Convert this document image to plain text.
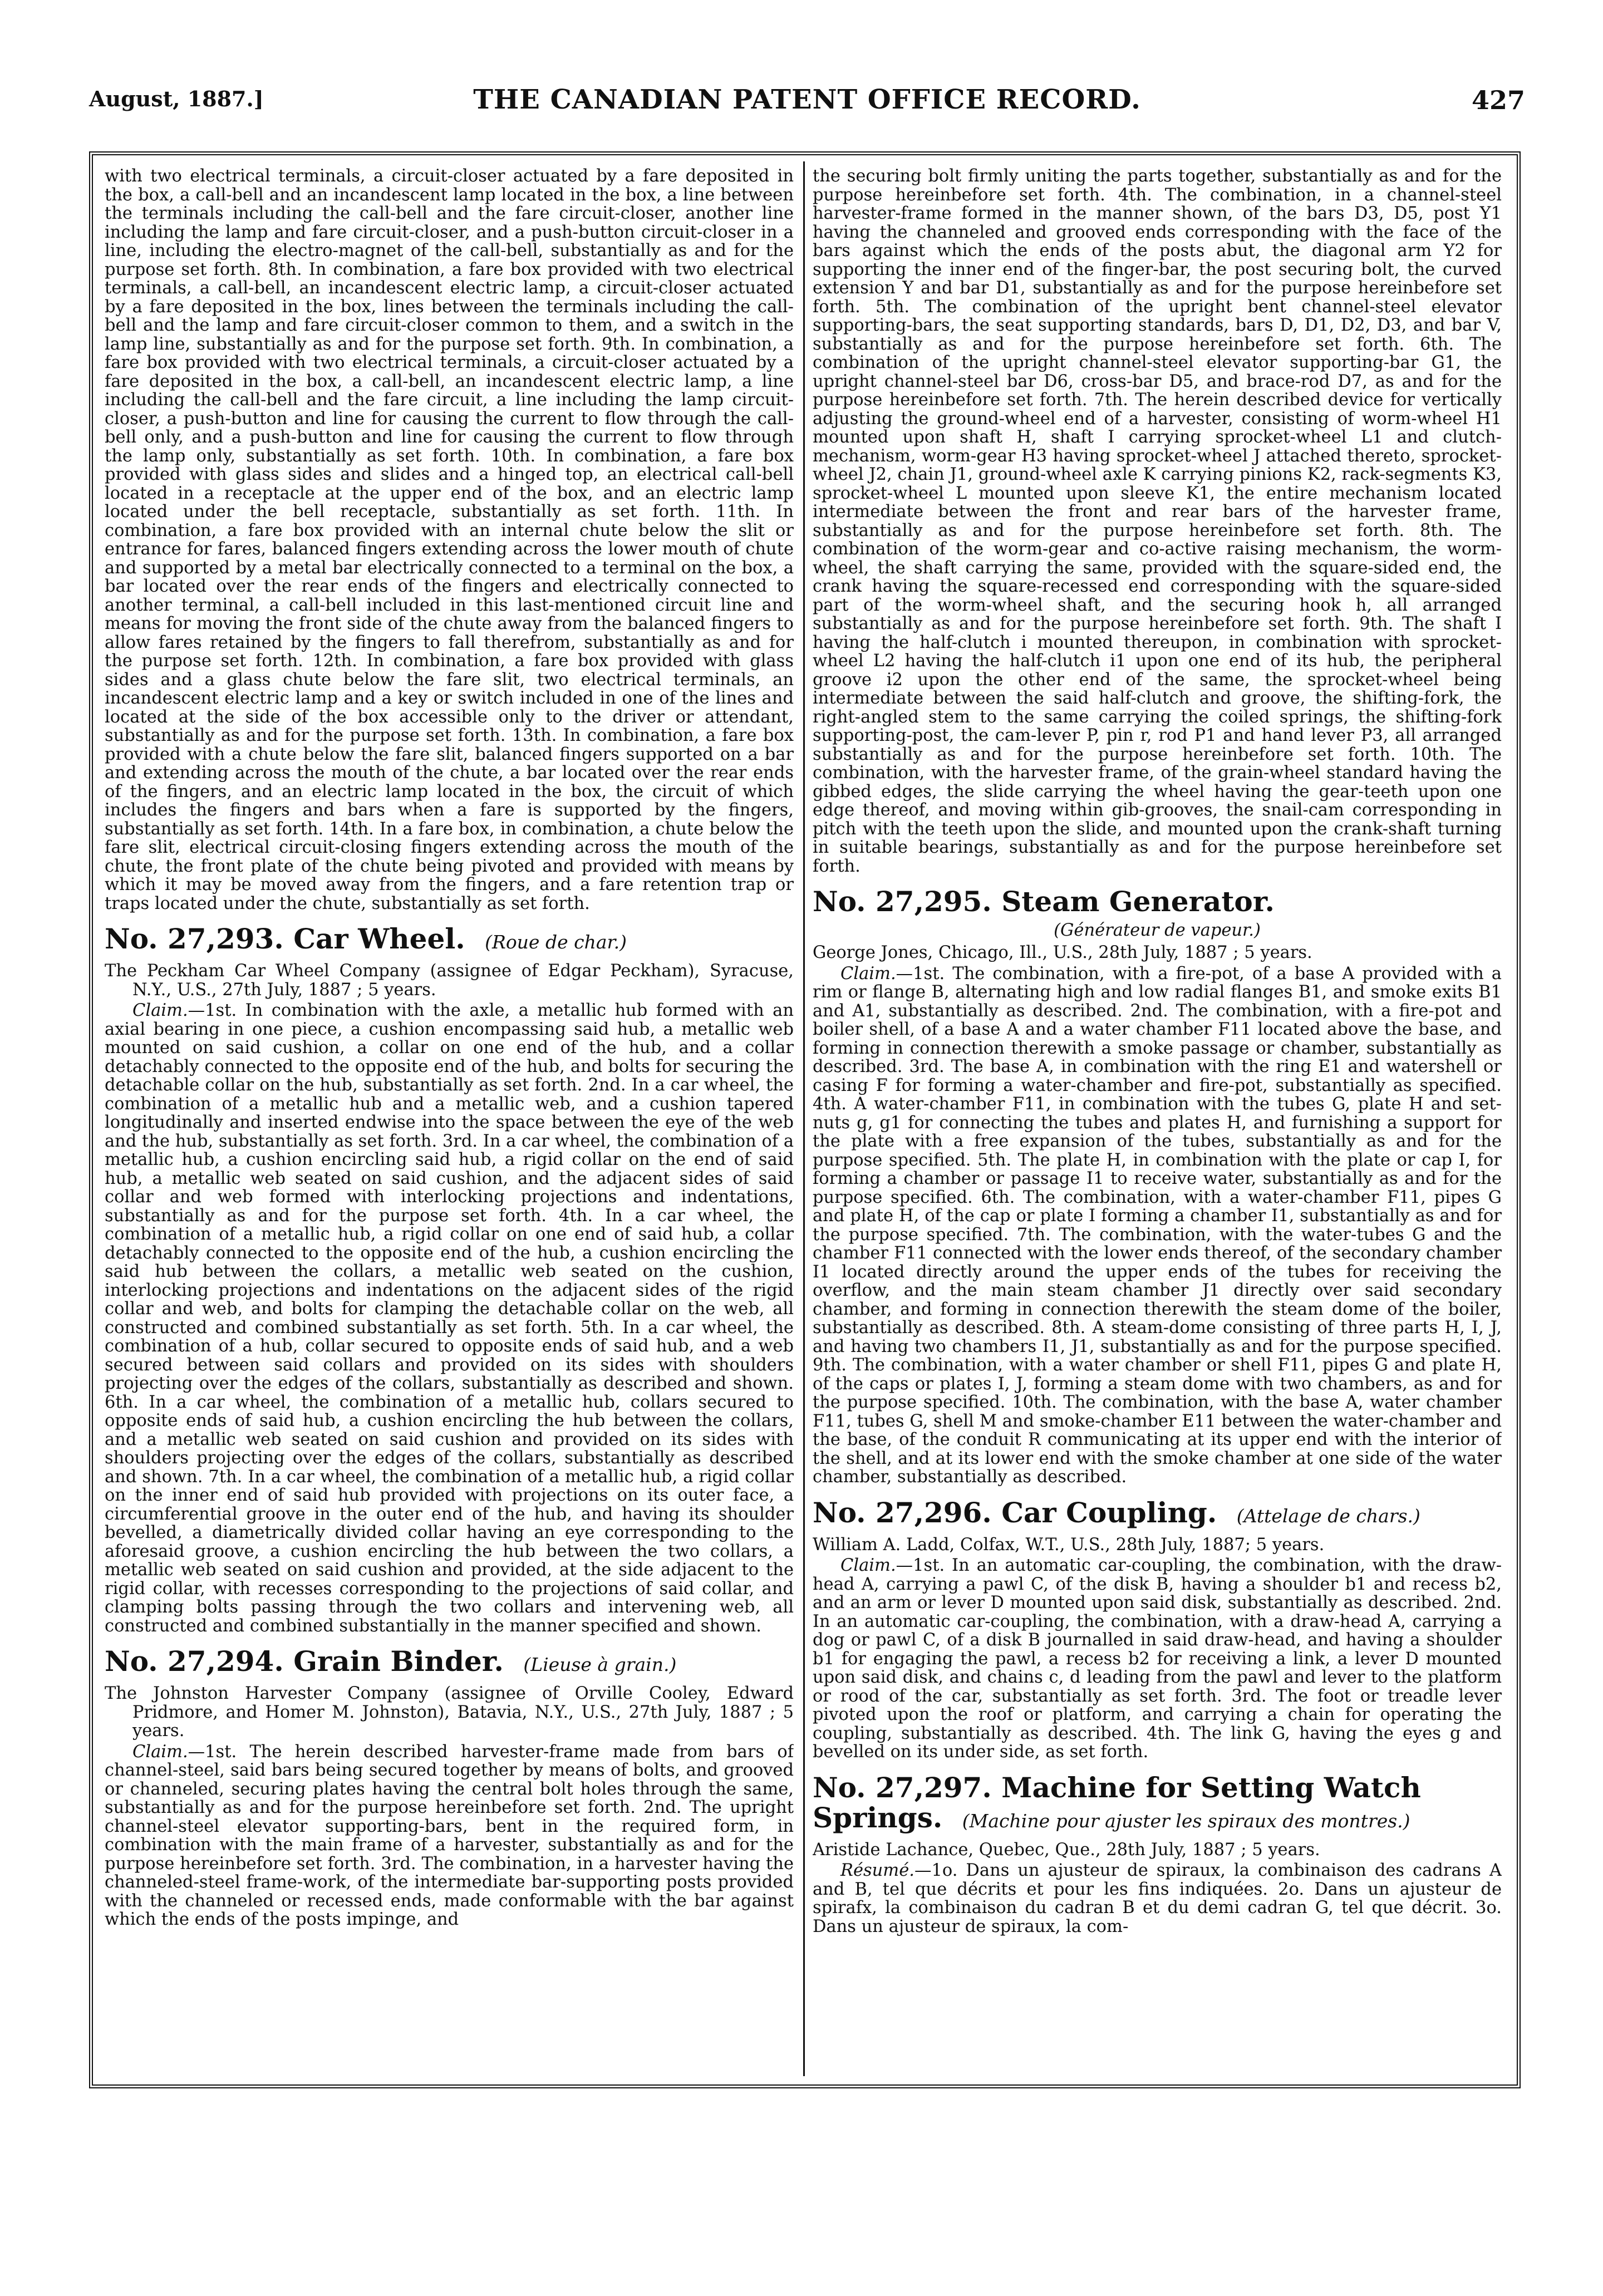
August, 1887.]	THE CANADIAN PATENT OFFICE RECORD.	427

with two electrical terminals, a circuit-closer actuated by a fare deposited in the box, a call-bell and an incandescent lamp located in the box, a line between the terminals including the call-bell and the fare circuit-closer, another line including the lamp and fare circuit-closer, and a push-button circuit-closer in a line, including the electro-magnet of the call-bell, substantially as and for the purpose set forth. 8th. In combination, a fare box provided with two electrical terminals, a call-bell, an incandescent electric lamp, a circuit-closer actuated by a fare deposited in the box, lines between the terminals including the call-bell and the lamp and fare circuit-closer common to them, and a switch in the lamp line, substantially as and for the purpose set forth. 9th. In combination, a fare box provided with two electrical terminals, a circuit-closer actuated by a fare deposited in the box, a call-bell, an incandescent electric lamp, a line including the call-bell and the fare circuit, a line including the lamp circuit-closer, a push-button and line for causing the current to flow through the call-bell only, and a push-button and line for causing the current to flow through the lamp only, substantially as set forth. 10th. In combination, a fare box provided with glass sides and slides and a hinged top, an electrical call-bell located in a receptacle at the upper end of the box, and an electric lamp located under the bell receptacle, substantially as set forth. 11th. In combination, a fare box provided with an internal chute below the slit or entrance for fares, balanced fingers extending across the lower mouth of chute and supported by a metal bar electrically connected to a terminal on the box, a bar located over the rear ends of the fingers and electrically connected to another terminal, a call-bell included in this last-mentioned circuit line and means for moving the front side of the chute away from the balanced fingers to allow fares retained by the fingers to fall therefrom, substantially as and for the purpose set forth. 12th. In combination, a fare box provided with glass sides and a glass chute below the fare slit, two electrical terminals, an incandescent electric lamp and a key or switch included in one of the lines and located at the side of the box accessible only to the driver or attendant, substantially as and for the purpose set forth. 13th. In combination, a fare box provided with a chute below the fare slit, balanced fingers supported on a bar and extending across the mouth of the chute, a bar located over the rear ends of the fingers, and an electric lamp located in the box, the circuit of which includes the fingers and bars when a fare is supported by the fingers, substantially as set forth. 14th. In a fare box, in combination, a chute below the fare slit, electrical circuit-closing fingers extending across the mouth of the chute, the front plate of the chute being pivoted and provided with means by which it may be moved away from the fingers, and a fare retention trap or traps located under the chute, substantially as set forth.

No. 27,293. Car Wheel. (Roue de char.)

The Peckham Car Wheel Company (assignee of Edgar Peckham), Syracuse, N.Y., U.S., 27th July, 1887 ; 5 years.

Claim.—1st. In combination with the axle, a metallic hub formed with an axial bearing in one piece, a cushion encompassing said hub, a metallic web mounted on said cushion, a collar on one end of the hub, and a collar detachably connected to the opposite end of the hub, and bolts for securing the detachable collar on the hub, substantially as set forth. 2nd. In a car wheel, the combination of a metallic hub and a metallic web, and a cushion tapered longitudinally and inserted endwise into the space between the eye of the web and the hub, substantially as set forth. 3rd. In a car wheel, the combination of a metallic hub, a cushion encircling said hub, a rigid collar on the end of said hub, a metallic web seated on said cushion, and the adjacent sides of said collar and web formed with interlocking projections and indentations, substantially as and for the purpose set forth. 4th. In a car wheel, the combination of a metallic hub, a rigid collar on one end of said hub, a collar detachably connected to the opposite end of the hub, a cushion encircling the said hub between the collars, a metallic web seated on the cushion, interlocking projections and indentations on the adjacent sides of the rigid collar and web, and bolts for clamping the detachable collar on the web, all constructed and combined substantially as set forth. 5th. In a car wheel, the combination of a hub, collar secured to opposite ends of said hub, and a web secured between said collars and provided on its sides with shoulders projecting over the edges of the collars, substantially as described and shown. 6th. In a car wheel, the combination of a metallic hub, collars secured to opposite ends of said hub, a cushion encircling the hub between the collars, and a metallic web seated on said cushion and provided on its sides with shoulders projecting over the edges of the collars, substantially as described and shown. 7th. In a car wheel, the combination of a metallic hub, a rigid collar on the inner end of said hub provided with projections on its outer face, a circumferential groove in the outer end of the hub, and having its shoulder bevelled, a diametrically divided collar having an eye corresponding to the aforesaid groove, a cushion encircling the hub between the two collars, a metallic web seated on said cushion and provided, at the side adjacent to the rigid collar, with recesses corresponding to the projections of said collar, and clamping bolts passing through the two collars and intervening web, all constructed and combined substantially in the manner specified and shown.

No. 27,294. Grain Binder. (Lieuse à grain.)

The Johnston Harvester Company (assignee of Orville Cooley, Edward Pridmore, and Homer M. Johnston), Batavia, N.Y., U.S., 27th July, 1887 ; 5 years.

Claim.—1st. The herein described harvester-frame made from bars of channel-steel, said bars being secured together by means of bolts, and grooved or channeled, securing plates having the central bolt holes through the same, substantially as and for the purpose hereinbefore set forth. 2nd. The upright channel-steel elevator supporting-bars, bent in the required form, in combination with the main frame of a harvester, substantially as and for the purpose hereinbefore set forth. 3rd. The combination, in a harvester having the channeled-steel frame-work, of the intermediate bar-supporting posts provided with the channeled or recessed ends, made conformable with the bar against which the ends of the posts impinge, and

the securing bolt firmly uniting the parts together, substantially as and for the purpose hereinbefore set forth. 4th. The combination, in a channel-steel harvester-frame formed in the manner shown, of the bars D3, D5, post Y1 having the channeled and grooved ends corresponding with the face of the bars against which the ends of the posts abut, the diagonal arm Y2 for supporting the inner end of the finger-bar, the post securing bolt, the curved extension Y and bar D1, substantially as and for the purpose hereinbefore set forth. 5th. The combination of the upright bent channel-steel elevator supporting-bars, the seat supporting standards, bars D, D1, D2, D3, and bar V, substantially as and for the purpose hereinbefore set forth. 6th. The combination of the upright channel-steel elevator supporting-bar G1, the upright channel-steel bar D6, cross-bar D5, and brace-rod D7, as and for the purpose hereinbefore set forth. 7th. The herein described device for vertically adjusting the ground-wheel end of a harvester, consisting of worm-wheel H1 mounted upon shaft H, shaft I carrying sprocket-wheel L1 and clutch-mechanism, worm-gear H3 having sprocket-wheel J attached thereto, sprocket-wheel J2, chain J1, ground-wheel axle K carrying pinions K2, rack-segments K3, sprocket-wheel L mounted upon sleeve K1, the entire mechanism located intermediate between the front and rear bars of the harvester frame, substantially as and for the purpose hereinbefore set forth. 8th. The combination of the worm-gear and co-active raising mechanism, the worm-wheel, the shaft carrying the same, provided with the square-sided end, the crank having the square-recessed end corresponding with the square-sided part of the worm-wheel shaft, and the securing hook h, all arranged substantially as and for the purpose hereinbefore set forth. 9th. The shaft I having the half-clutch i mounted thereupon, in combination with sprocket-wheel L2 having the half-clutch i1 upon one end of its hub, the peripheral groove i2 upon the other end of the same, the sprocket-wheel being intermediate between the said half-clutch and groove, the shifting-fork, the right-angled stem to the same carrying the coiled springs, the shifting-fork supporting-post, the cam-lever P, pin r, rod P1 and hand lever P3, all arranged substantially as and for the purpose hereinbefore set forth. 10th. The combination, with the harvester frame, of the grain-wheel standard having the gibbed edges, the slide carrying the wheel having the gear-teeth upon one edge thereof, and moving within gib-grooves, the snail-cam corresponding in pitch with the teeth upon the slide, and mounted upon the crank-shaft turning in suitable bearings, substantially as and for the purpose hereinbefore set forth.

No. 27,295. Steam Generator.
(Générateur de vapeur.)

George Jones, Chicago, Ill., U.S., 28th July, 1887 ; 5 years.

Claim.—1st. The combination, with a fire-pot, of a base A provided with a rim or flange B, alternating high and low radial flanges B1, and smoke exits B1 and A1, substantially as described. 2nd. The combination, with a fire-pot and boiler shell, of a base A and a water chamber F11 located above the base, and forming in connection therewith a smoke passage or chamber, substantially as described. 3rd. The base A, in combination with the ring E1 and watershell or casing F for forming a water-chamber and fire-pot, substantially as specified. 4th. A water-chamber F11, in combination with the tubes G, plate H and set-nuts g, g1 for connecting the tubes and plates H, and furnishing a support for the plate with a free expansion of the tubes, substantially as and for the purpose specified. 5th. The plate H, in combination with the plate or cap I, for forming a chamber or passage I1 to receive water, substantially as and for the purpose specified. 6th. The combination, with a water-chamber F11, pipes G and plate H, of the cap or plate I forming a chamber I1, substantially as and for the purpose specified. 7th. The combination, with the water-tubes G and the chamber F11 connected with the lower ends thereof, of the secondary chamber I1 located directly around the upper ends of the tubes for receiving the overflow, and the main steam chamber J1 directly over said secondary chamber, and forming in connection therewith the steam dome of the boiler, substantially as described. 8th. A steam-dome consisting of three parts H, I, J, and having two chambers I1, J1, substantially as and for the purpose specified. 9th. The combination, with a water chamber or shell F11, pipes G and plate H, of the caps or plates I, J, forming a steam dome with two chambers, as and for the purpose specified. 10th. The combination, with the base A, water chamber F11, tubes G, shell M and smoke-chamber E11 between the water-chamber and the base, of the conduit R communicating at its upper end with the interior of the shell, and at its lower end with the smoke chamber at one side of the water chamber, substantially as described.

No. 27,296. Car Coupling. (Attelage de chars.)

William A. Ladd, Colfax, W.T., U.S., 28th July, 1887; 5 years.

Claim.—1st. In an automatic car-coupling, the combination, with the draw-head A, carrying a pawl C, of the disk B, having a shoulder b1 and recess b2, and an arm or lever D mounted upon said disk, substantially as described. 2nd. In an automatic car-coupling, the combination, with a draw-head A, carrying a dog or pawl C, of a disk B journalled in said draw-head, and having a shoulder b1 for engaging the pawl, a recess b2 for receiving a link, a lever D mounted upon said disk, and chains c, d leading from the pawl and lever to the platform or rood of the car, substantially as set forth. 3rd. The foot or treadle lever pivoted upon the roof or platform, and carrying a chain for operating the coupling, substantially as described. 4th. The link G, having the eyes g and bevelled on its under side, as set forth.

No. 27,297. Machine for Setting Watch Springs. (Machine pour ajuster les spiraux des montres.)

Aristide Lachance, Quebec, Que., 28th July, 1887 ; 5 years.

Résumé.—1o. Dans un ajusteur de spiraux, la combinaison des cadrans A and B, tel que décrits et pour les fins indiquées. 2o. Dans un ajusteur de spirafx, la combinaison du cadran B et du demi cadran G, tel que décrit. 3o. Dans un ajusteur de spiraux, la com-
